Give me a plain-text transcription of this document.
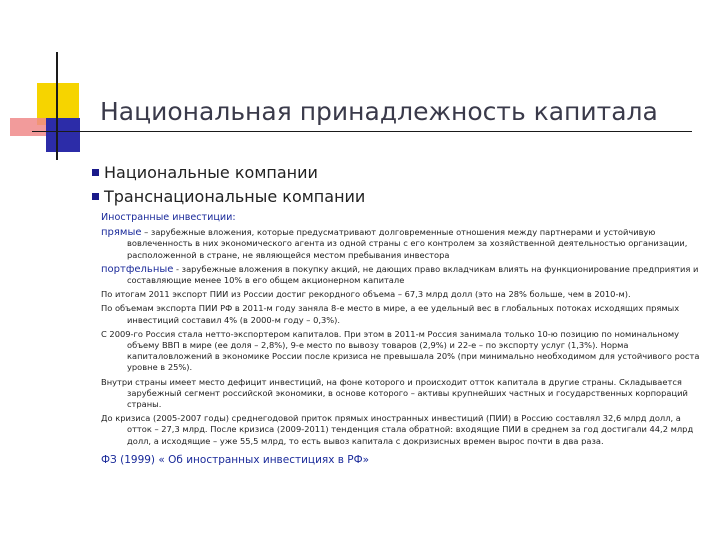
Национальная принадлежность капитала
Национальные компании
Транснациональные компании

Иностранные инвестиции:

прямые – зарубежные вложения, которые предусматривают долговременные отношения между партнерами и устойчивую вовлеченность в них экономического агента из одной страны с его контролем за хозяйственной деятельностью организации, расположенной в стране, не являющейся местом пребывания инвестора

портфельные - зарубежные вложения в покупку акций, не дающих право вкладчикам влиять на функционирование предприятия и составляющие менее 10% в его общем акционерном капитале

По итогам 2011 экспорт ПИИ из России достиг рекордного объема – 67,3 млрд долл (это на 28% больше, чем в 2010-м).

По объемам экспорта ПИИ РФ в 2011-м году заняла 8-е место в мире, а ее удельный вес в глобальных потоках исходящих прямых инвестиций составил 4% (в 2000-м году – 0,3%).

С 2009-го Россия стала нетто-экспортером капиталов. При этом в 2011-м Россия занимала только 10-ю позицию по номинальному объему ВВП в мире (ее доля – 2,8%), 9-е место по вывозу товаров (2,9%) и 22-е – по экспорту услуг (1,3%). Норма капиталовложений в экономике России после кризиса не превышала 20% (при минимально необходимом для устойчивого роста уровне в 25%).

Внутри страны имеет место дефицит инвестиций, на фоне которого и происходит отток капитала в другие страны. Складывается зарубежный сегмент российской экономики, в основе которого – активы крупнейших частных и государственных корпораций страны.

До кризиса (2005-2007 годы) среднегодовой приток прямых иностранных инвестиций (ПИИ) в Россию составлял 32,6 млрд долл, а отток – 27,3 млрд. После кризиса (2009-2011) тенденция стала обратной: входящие ПИИ в среднем за год достигали 44,2 млрд долл, а исходящие – уже 55,5 млрд, то есть вывоз капитала с докризисных времен вырос почти в два раза.

ФЗ (1999) « Об иностранных инвестициях в РФ»
